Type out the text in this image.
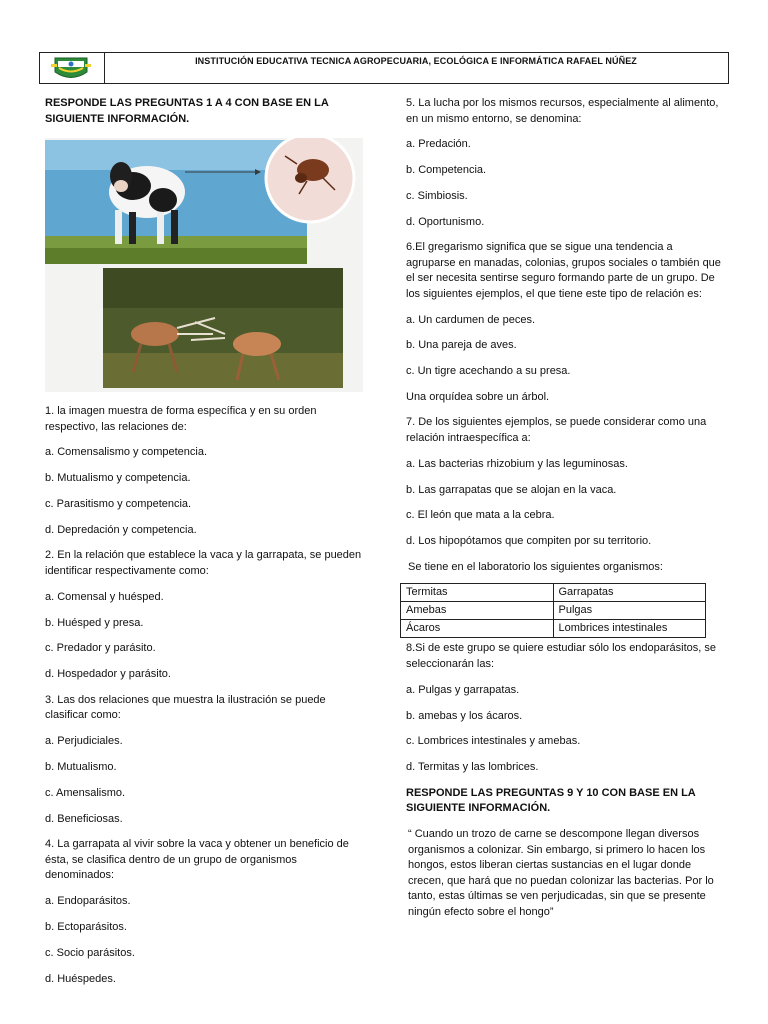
INSTITUCIÓN EDUCATIVA TECNICA AGROPECUARIA, ECOLÓGICA E INFORMÁTICA RAFAEL NÚÑEZ

RESPONDE LAS PREGUNTAS 1 A 4 CON BASE EN LA SIGUIENTE INFORMACIÓN.

1. la imagen muestra de forma específica y en su orden respectivo, las relaciones de:

a. Comensalismo y competencia.

b. Mutualismo y competencia.

c. Parasitismo y competencia.

d. Depredación y competencia.

2. En la relación que establece la vaca y la garrapata, se pueden identificar respectivamente como:

a. Comensal y huésped.

b. Huésped y presa.

c. Predador y parásito.

d. Hospedador y parásito.

3. Las dos relaciones que muestra la ilustración se puede clasificar como:

a. Perjudiciales.

b. Mutualismo.

c. Amensalismo.

d. Beneficiosas.

4. La garrapata al vivir sobre la vaca y obtener un beneficio de ésta, se clasifica dentro de un grupo de organismos denominados:

a. Endoparásitos.

b. Ectoparásitos.

c. Socio parásitos.

d. Huéspedes.

5. La lucha por los mismos recursos, especialmente al alimento, en un mismo entorno, se denomina:

a. Predación.

b. Competencia.

c. Simbiosis.

d. Oportunismo.

6.El gregarismo significa que se sigue una tendencia a agruparse en manadas, colonias, grupos sociales o también que el ser necesita sentirse seguro formando parte de un grupo. De los siguientes ejemplos, el que tiene este tipo de relación es:

a. Un cardumen de peces.

b. Una pareja de aves.

c. Un tigre acechando a su presa.

Una orquídea sobre un árbol.

7. De los siguientes ejemplos, se puede considerar como una relación intraespecífica a:

a. Las bacterias rhizobium y las leguminosas.

b. Las garrapatas que se alojan en la vaca.

c. El león que mata a la cebra.

d. Los hipopótamos que compiten por su territorio.

Se tiene en el laboratorio los siguientes organismos:

Termitas	Garrapatas
Amebas	Pulgas
Ácaros	Lombrices intestinales

8.Si de este grupo se quiere estudiar sólo los endoparásitos, se seleccionarán las:

a. Pulgas y garrapatas.

b. amebas y los ácaros.

c. Lombrices intestinales y amebas.

d. Termitas y las lombrices.

RESPONDE LAS PREGUNTAS 9 Y 10 CON BASE EN LA SIGUIENTE INFORMACIÓN.

“ Cuando un trozo de carne se descompone llegan diversos organismos a colonizar. Sin embargo, si primero lo hacen los hongos, estos liberan ciertas sustancias en el lugar donde crecen, que hará que no puedan colonizar las bacterias. Por lo tanto, estas últimas se ven perjudicadas, sin que se presente ningún efecto sobre el hongo”
